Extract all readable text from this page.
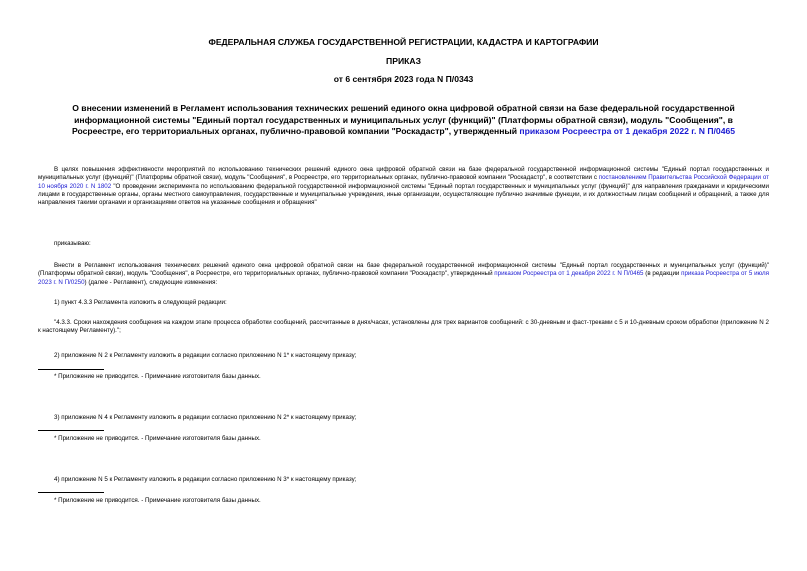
ФЕДЕРАЛЬНАЯ СЛУЖБА ГОСУДАРСТВЕННОЙ РЕГИСТРАЦИИ, КАДАСТРА И КАРТОГРАФИИ
ПРИКАЗ
от 6 сентября 2023 года N П/0343
О внесении изменений в Регламент использования технических решений единого окна цифровой обратной связи на базе федеральной государственной информационной системы "Единый портал государственных и муниципальных услуг (функций)" (Платформы обратной связи), модуль "Сообщения", в Росреестре, его территориальных органах, публично-правовой компании "Роскадастр", утвержденный приказом Росреестра от 1 декабря 2022 г. N П/0465
В целях повышения эффективности мероприятий по использованию технических решений единого окна цифровой обратной связи на базе федеральной государственной информационной системы "Единый портал государственных и муниципальных услуг (функций)" (Платформы обратной связи), модуль "Сообщения", в Росреестре, его территориальных органах, публично-правовой компании "Роскадастр", в соответствии с постановлением Правительства Российской Федерации от 10 ноября 2020 г. N 1802 "О проведении эксперимента по использованию федеральной государственной информационной системы "Единый портал государственных и муниципальных услуг (функций)" для направления гражданами и юридическими лицами в государственные органы, органы местного самоуправления, государственные и муниципальные учреждения, иные организации, осуществляющие публично значимые функции, и их должностным лицам сообщений и обращений, а также для направления такими органами и организациями ответов на указанные сообщения и обращения"
приказываю:
Внести в Регламент использования технических решений единого окна цифровой обратной связи на базе федеральной государственной информационной системы "Единый портал государственных и муниципальных услуг (функций)" (Платформы обратной связи), модуль "Сообщения", в Росреестре, его территориальных органах, публично-правовой компании "Роскадастр", утвержденный приказом Росреестра от 1 декабря 2022 г. N П/0465 (в редакции приказа Росреестра от 5 июля 2023 г. N П/0250) (далее - Регламент), следующие изменения:
1) пункт 4.3.3 Регламента изложить в следующей редакции:
"4.3.3. Сроки нахождения сообщения на каждом этапе процесса обработки сообщений, рассчитанные в днях/часах, установлены для трех вариантов сообщений: с 30-дневным и фаст-треками с 5 и 10-дневным сроком обработки (приложение N 2 к настоящему Регламенту).";
2) приложение N 2 к Регламенту изложить в редакции согласно приложению N 1* к настоящему приказу;
* Приложение не приводится. - Примечание изготовителя базы данных.
3) приложение N 4 к Регламенту изложить в редакции согласно приложению N 2* к настоящему приказу;
* Приложение не приводится. - Примечание изготовителя базы данных.
4) приложение N 5 к Регламенту изложить в редакции согласно приложению N 3* к настоящему приказу;
* Приложение не приводится. - Примечание изготовителя базы данных.
